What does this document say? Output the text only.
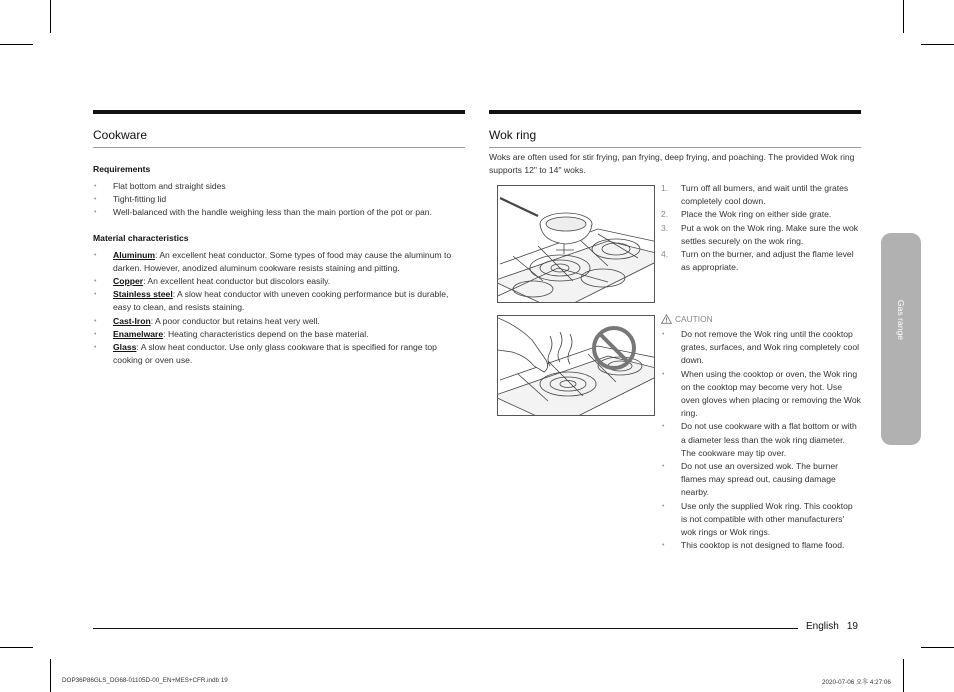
Cookware
Requirements
• Flat bottom and straight sides
• Tight-fitting lid
• Well-balanced with the handle weighing less than the main portion of the pot or pan.
Material characteristics
• Aluminum: An excellent heat conductor. Some types of food may cause the aluminum to darken. However, anodized aluminum cookware resists staining and pitting.
• Copper: An excellent heat conductor but discolors easily.
• Stainless steel: A slow heat conductor with uneven cooking performance but is durable, easy to clean, and resists staining.
• Cast-Iron: A poor conductor but retains heat very well.
• Enamelware: Heating characteristics depend on the base material.
• Glass: A slow heat conductor. Use only glass cookware that is specified for range top cooking or oven use.
Wok ring
Woks are often used for stir frying, pan frying, deep frying, and poaching. The provided Wok ring supports 12" to 14" woks.
1. Turn off all burners, and wait until the grates completely cool down.
2. Place the Wok ring on either side grate.
3. Put a wok on the Wok ring. Make sure the wok settles securely on the wok ring.
4. Turn on the burner, and adjust the flame level as appropriate.
CAUTION
• Do not remove the Wok ring until the cooktop grates, surfaces, and Wok ring completely cool down.
• When using the cooktop or oven, the Wok ring on the cooktop may become very hot. Use oven gloves when placing or removing the Wok ring.
• Do not use cookware with a flat bottom or with a diameter less than the wok ring diameter. The cookware may tip over.
• Do not use an oversized wok. The burner flames may spread out, causing damage nearby.
• Use only the supplied Wok ring. This cooktop is not compatible with other manufacturers' wok rings or Wok rings.
• This cooktop is not designed to flame food.
Gas range
English 19
DOP36P86GLS_DG68-01105D-00_EN+MES+CFR.indb 19	2020-07-06 오후 4:27:06
